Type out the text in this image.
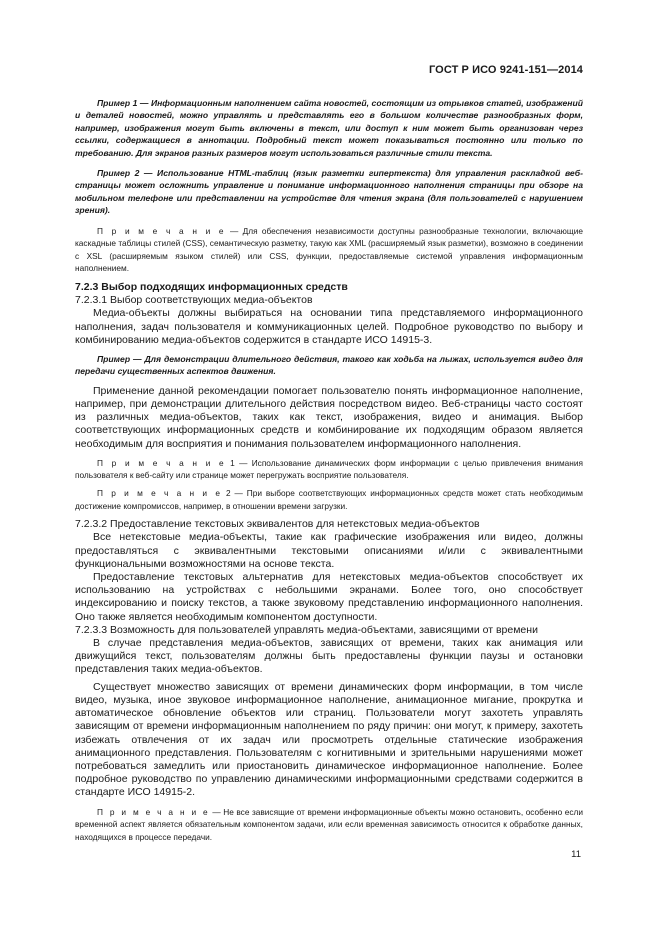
ГОСТ Р ИСО 9241-151—2014

Пример 1 — Информационным наполнением сайта новостей, состоящим из отрывков статей, изображений и деталей новостей, можно управлять и представлять его в большом количестве разнообразных форм, например, изображения могут быть включены в текст, или доступ к ним может быть организован через ссылки, содержащиеся в аннотации. Подробный текст может показываться постоянно или только по требованию. Для экранов разных размеров могут использоваться различные стили текста.

Пример 2 — Использование HTML-таблиц (язык разметки гипертекста) для управления раскладкой веб-страницы может осложнить управление и понимание информационного наполнения страницы при обзоре на мобильном телефоне или представлении на устройстве для чтения экрана (для пользователей с нарушением зрения).

П р и м е ч а н и е — Для обеспечения независимости доступны разнообразные технологии, включающие каскадные таблицы стилей (CSS), семантическую разметку, такую как XML (расширяемый язык разметки), возможно в соединении с XSL (расширяемым языком стилей) или CSS, функции, предоставляемые системой управления информационным наполнением.

7.2.3 Выбор подходящих информационных средств

7.2.3.1 Выбор соответствующих медиа-объектов

Медиа-объекты должны выбираться на основании типа представляемого информационного наполнения, задач пользователя и коммуникационных целей. Подробное руководство по выбору и комбинированию медиа-объектов содержится в стандарте ИСО 14915-3.

Пример — Для демонстрации длительного действия, такого как ходьба на лыжах, используется видео для передачи существенных аспектов движения.

Применение данной рекомендации помогает пользователю понять информационное наполнение, например, при демонстрации длительного действия посредством видео. Веб-страницы часто состоят из различных медиа-объектов, таких как текст, изображения, видео и анимация. Выбор соответствующих информационных средств и комбинирование их подходящим образом является необходимым для восприятия и понимания пользователем информационного наполнения.

П р и м е ч а н и е 1 — Использование динамических форм информации с целью привлечения внимания пользователя к веб-сайту или странице может перегружать восприятие пользователя.

П р и м е ч а н и е 2 — При выборе соответствующих информационных средств может стать необходимым достижение компромиссов, например, в отношении времени загрузки.

7.2.3.2 Предоставление текстовых эквивалентов для нетекстовых медиа-объектов

Все нетекстовые медиа-объекты, такие как графические изображения или видео, должны предоставляться с эквивалентными текстовыми описаниями и/или с эквивалентными функциональными возможностями на основе текста.

Предоставление текстовых альтернатив для нетекстовых медиа-объектов способствует их использованию на устройствах с небольшими экранами. Более того, оно способствует индексированию и поиску текстов, а также звуковому представлению информационного наполнения. Оно также является необходимым компонентом доступности.

7.2.3.3 Возможность для пользователей управлять медиа-объектами, зависящими от времени

В случае представления медиа-объектов, зависящих от времени, таких как анимация или движущийся текст, пользователям должны быть предоставлены функции паузы и остановки представления таких медиа-объектов.

Существует множество зависящих от времени динамических форм информации, в том числе видео, музыка, иное звуковое информационное наполнение, анимационное мигание, прокрутка и автоматическое обновление объектов или страниц. Пользователи могут захотеть управлять зависящим от времени информационным наполнением по ряду причин: они могут, к примеру, захотеть избежать отвлечения от их задач или просмотреть отдельные статические изображения анимационного представления. Пользователям с когнитивными и зрительными нарушениями может потребоваться замедлить или приостановить динамическое информационное наполнение. Более подробное руководство по управлению динамическими информационными средствами содержится в стандарте ИСО 14915-2.

П р и м е ч а н и е — Не все зависящие от времени информационные объекты можно остановить, особенно если временной аспект является обязательным компонентом задачи, или если временная зависимость относится к обработке данных, находящихся в процессе передачи.

11
